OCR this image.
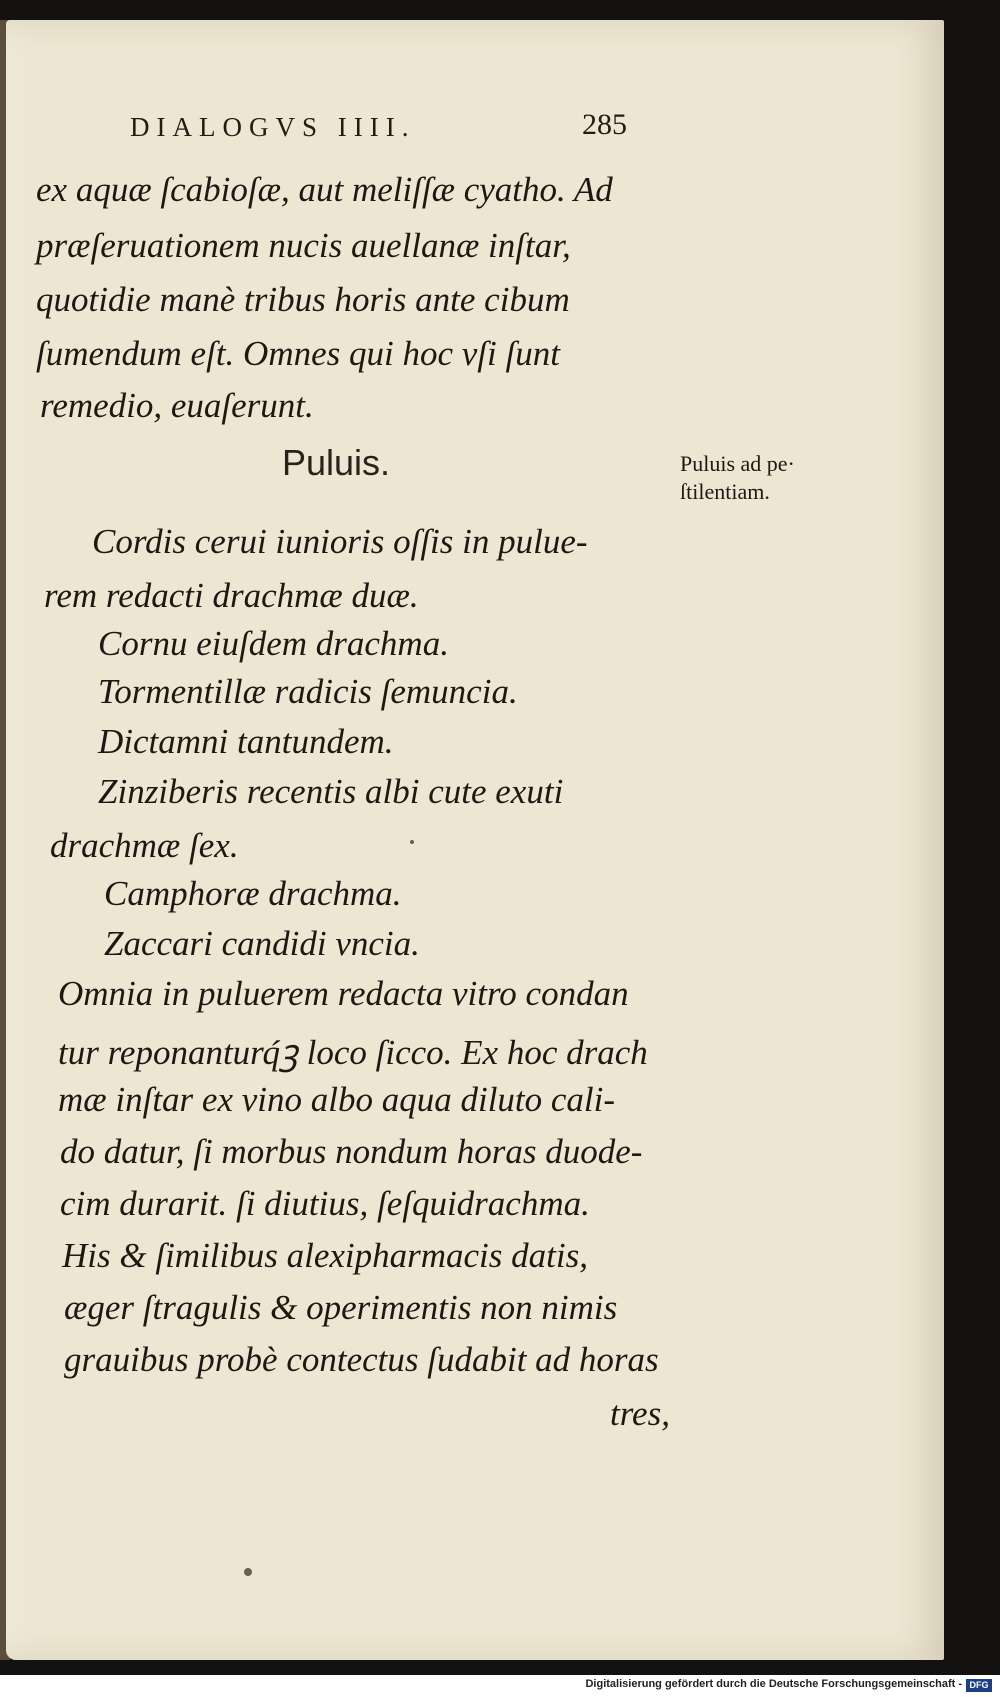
DIALOGVS IIII.	285
ex aquæ ſcabioſæ, aut meliſſæ cyatho. Ad
præſeruationem nucis auellanæ inſtar,
quotidie manè tribus horis ante cibum
ſumendum eſt. Omnes qui hoc vſi ſunt
remedio, euaſerunt.
Puluis.	Puluis ad pe·
ſtilentiam.
Cordis cerui iunioris oſſis in pulue-
rem redacti drachmæ duæ.
Cornu eiuſdem drachma.
Tormentillæ radicis ſemuncia.
Dictamni tantundem.
Zinziberis recentis albi cute exuti
drachmæ ſex.
Camphoræ drachma.
Zaccari candidi vncia.
Omnia in puluerem redacta vitro condan
tur reponanturq́ꝫ loco ſicco. Ex hoc drach
mæ inſtar ex vino albo aqua diluto cali-
do datur, ſi morbus nondum horas duode-
cim durarit. ſi diutius, ſeſquidrachma.
His & ſimilibus alexipharmacis datis,
æger ſtragulis & operimentis non nimis
grauibus probè contectus ſudabit ad horas
tres,
Digitalisierung gefördert durch die Deutsche Forschungsgemeinschaft - DFG
